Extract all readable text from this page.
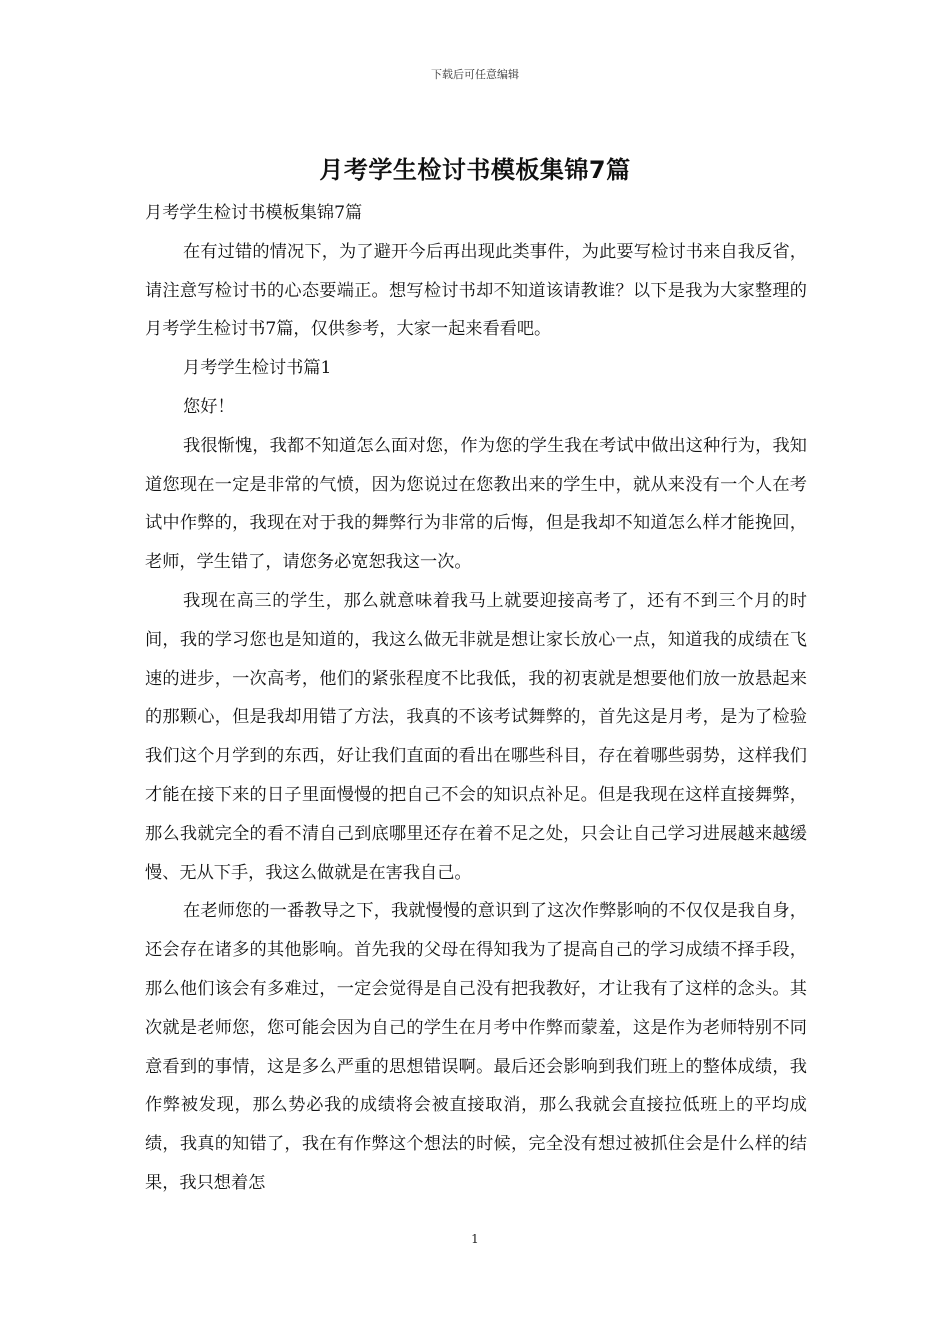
下载后可任意编辑
月考学生检讨书模板集锦7篇

月考学生检讨书模板集锦7篇

在有过错的情况下，为了避开今后再出现此类事件，为此要写检讨书来自我反省，请注意写检讨书的心态要端正。想写检讨书却不知道该请教谁？以下是我为大家整理的月考学生检讨书7篇，仅供参考，大家一起来看看吧。

月考学生检讨书篇1

您好！

我很惭愧，我都不知道怎么面对您，作为您的学生我在考试中做出这种行为，我知道您现在一定是非常的气愤，因为您说过在您教出来的学生中，就从来没有一个人在考试中作弊的，我现在对于我的舞弊行为非常的后悔，但是我却不知道怎么样才能挽回，老师，学生错了，请您务必宽恕我这一次。

我现在高三的学生，那么就意味着我马上就要迎接高考了，还有不到三个月的时间，我的学习您也是知道的，我这么做无非就是想让家长放心一点，知道我的成绩在飞速的进步，一次高考，他们的紧张程度不比我低，我的初衷就是想要他们放一放悬起来的那颗心，但是我却用错了方法，我真的不该考试舞弊的，首先这是月考，是为了检验我们这个月学到的东西，好让我们直面的看出在哪些科目，存在着哪些弱势，这样我们才能在接下来的日子里面慢慢的把自己不会的知识点补足。但是我现在这样直接舞弊，那么我就完全的看不清自己到底哪里还存在着不足之处，只会让自己学习进展越来越缓慢、无从下手，我这么做就是在害我自己。

在老师您的一番教导之下，我就慢慢的意识到了这次作弊影响的不仅仅是我自身，还会存在诸多的其他影响。首先我的父母在得知我为了提高自己的学习成绩不择手段，那么他们该会有多难过，一定会觉得是自己没有把我教好，才让我有了这样的念头。其次就是老师您，您可能会因为自己的学生在月考中作弊而蒙羞，这是作为老师特别不同意看到的事情，这是多么严重的思想错误啊。最后还会影响到我们班上的整体成绩，我作弊被发现，那么势必我的成绩将会被直接取消，那么我就会直接拉低班上的平均成绩，我真的知错了，我在有作弊这个想法的时候，完全没有想过被抓住会是什么样的结果，我只想着怎

1
